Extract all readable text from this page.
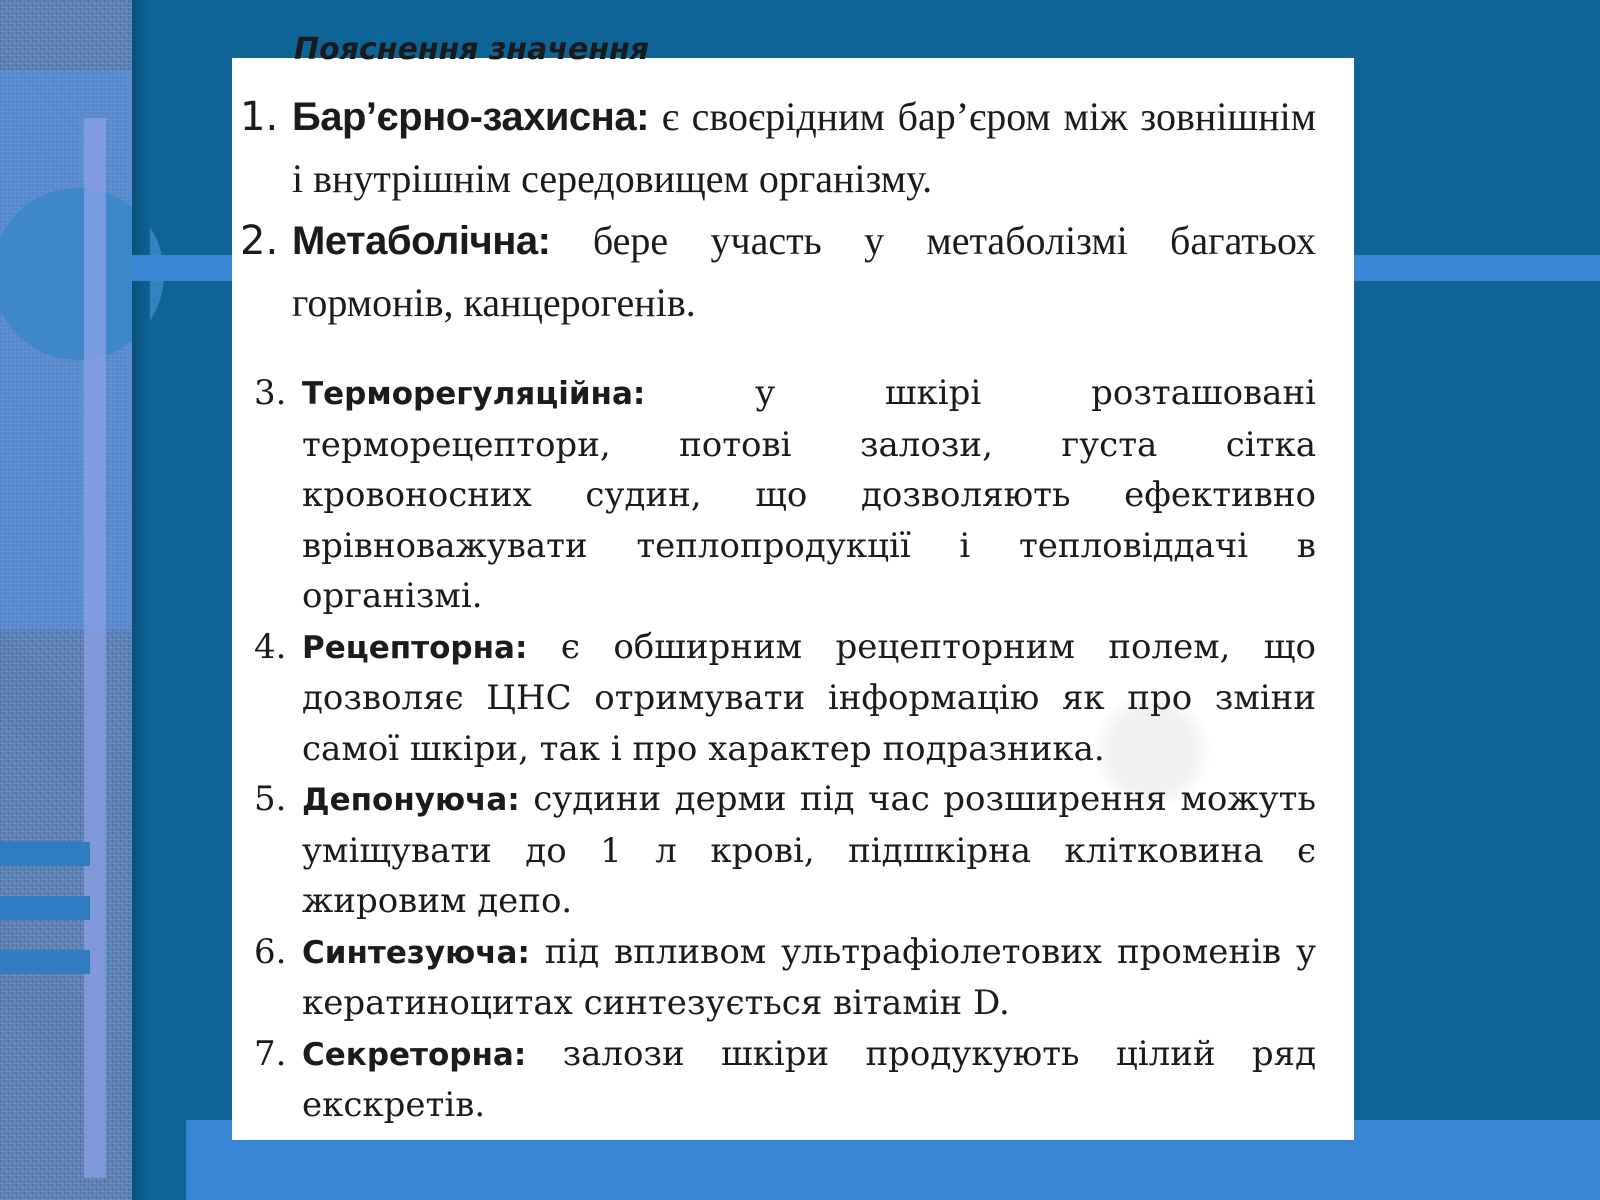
Пояснення значення
1. Бар’єрно-захисна: є своєрідним бар’єром між зовнішнім і внутрішнім середовищем організму.
2. Метаболічна: бере участь у метаболізмі багатьох гормонів, канцерогенів.
3. Терморегуляційна:	у шкірі розташовані терморецептори, потові залози, густа сітка кровоносних судин, що дозволяють ефективно врівноважувати теплопродукції і тепловіддачі в організмі.
4. Рецепторна: є обширним рецепторним полем, що дозволяє ЦНС отримувати інформацію як про зміни самої шкіри, так і про характер подразника.
5. Депонуюча: судини дерми під час розширення можуть уміщувати до 1 л крові, підшкірна клітковина є жировим депо.
6. Синтезуюча: під впливом ультрафіолетових променів у кератиноцитах синтезується вітамін D.
7. Секреторна: залози шкіри продукують цілий ряд екскретів.
